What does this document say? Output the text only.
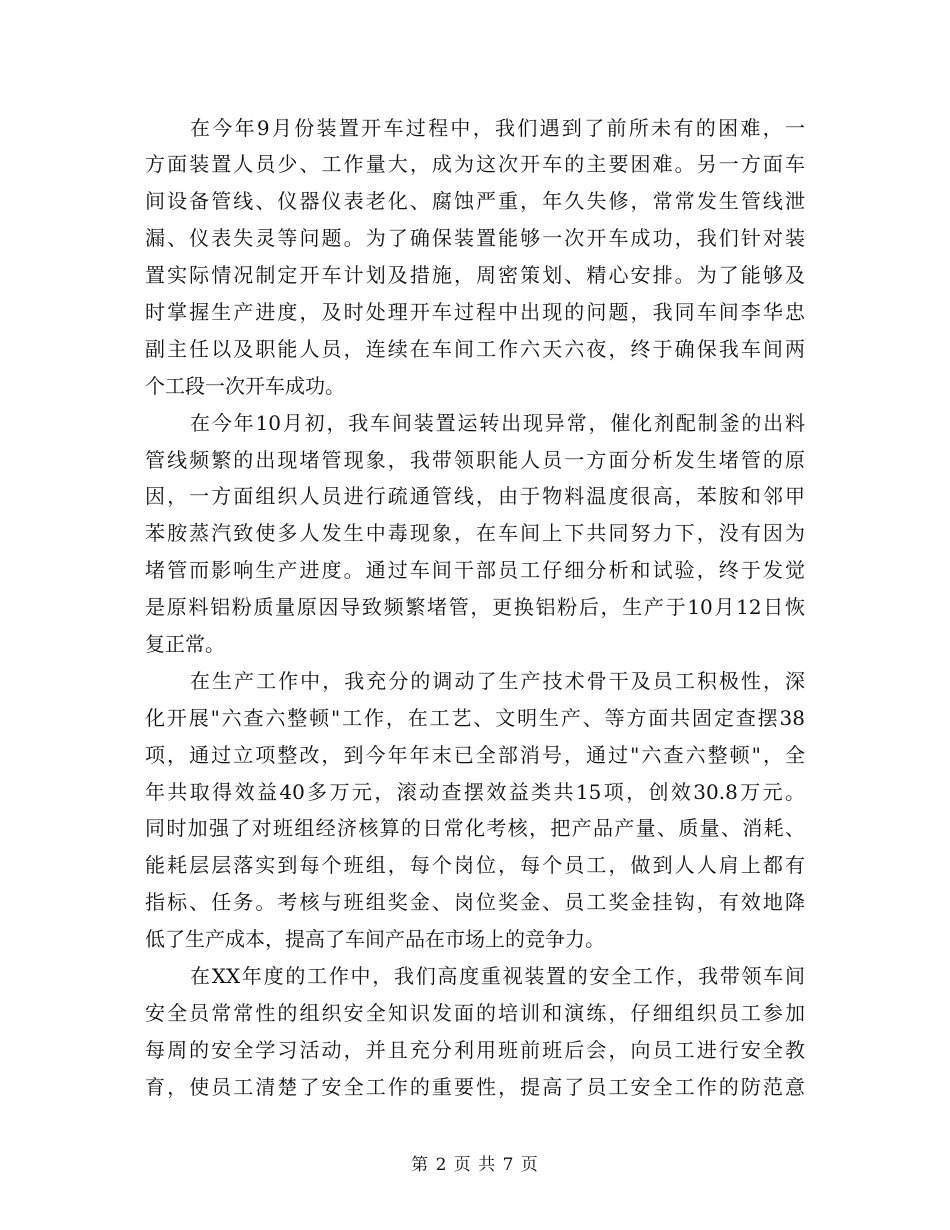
在今年9月份装置开车过程中，我们遇到了前所未有的困难，一
方面装置人员少、工作量大，成为这次开车的主要困难。另一方面车
间设备管线、仪器仪表老化、腐蚀严重，年久失修，常常发生管线泄
漏、仪表失灵等问题。为了确保装置能够一次开车成功，我们针对装
置实际情况制定开车计划及措施，周密策划、精心安排。为了能够及
时掌握生产进度，及时处理开车过程中出现的问题，我同车间李华忠
副主任以及职能人员，连续在车间工作六天六夜，终于确保我车间两
个工段一次开车成功。
在今年10月初，我车间装置运转出现异常，催化剂配制釜的出料
管线频繁的出现堵管现象，我带领职能人员一方面分析发生堵管的原
因，一方面组织人员进行疏通管线，由于物料温度很高，苯胺和邻甲
苯胺蒸汽致使多人发生中毒现象，在车间上下共同努力下，没有因为
堵管而影响生产进度。通过车间干部员工仔细分析和试验，终于发觉
是原料铝粉质量原因导致频繁堵管，更换铝粉后，生产于10月12日恢
复正常。
在生产工作中，我充分的调动了生产技术骨干及员工积极性，深
化开展"六查六整顿"工作，在工艺、文明生产、等方面共固定查摆38
项，通过立项整改，到今年年末已全部消号，通过"六查六整顿"，全
年共取得效益40多万元，滚动查摆效益类共15项，创效30.8万元。
同时加强了对班组经济核算的日常化考核，把产品产量、质量、消耗、
能耗层层落实到每个班组，每个岗位，每个员工，做到人人肩上都有
指标、任务。考核与班组奖金、岗位奖金、员工奖金挂钩，有效地降
低了生产成本，提高了车间产品在市场上的竞争力。
在XX年度的工作中，我们高度重视装置的安全工作，我带领车间
安全员常常性的组织安全知识发面的培训和演练，仔细组织员工参加
每周的安全学习活动，并且充分利用班前班后会，向员工进行安全教
育，使员工清楚了安全工作的重要性，提高了员工安全工作的防范意
第 2 页 共 7 页
